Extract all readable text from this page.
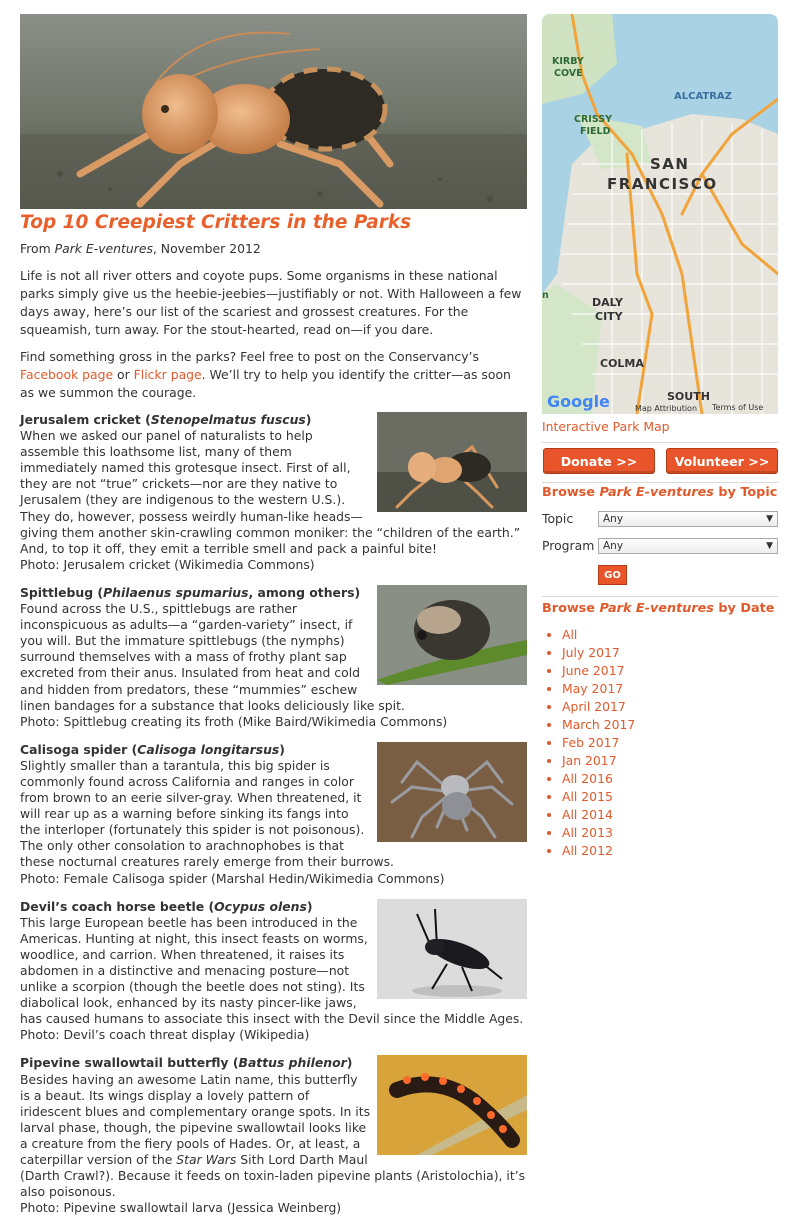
Top 10 Creepiest Critters in the Parks
From Park E-ventures, November 2012

Life is not all river otters and coyote pups. Some organisms in these national parks simply give us the heebie-jeebies—justifiably or not. With Halloween a few days away, here’s our list of the scariest and grossest creatures. For the squeamish, turn away. For the stout-hearted, read on—if you dare.

Find something gross in the parks? Feel free to post on the Conservancy’s Facebook page or Flickr page. We’ll try to help you identify the critter—as soon as we summon the courage.

Jerusalem cricket (Stenopelmatus fuscus)
When we asked our panel of naturalists to help assemble this loathsome list, many of them immediately named this grotesque insect. First of all, they are not “true” crickets—nor are they native to Jerusalem (they are indigenous to the western U.S.). They do, however, possess weirdly human-like heads—giving them another skin-crawling common moniker: the “children of the earth.” And, to top it off, they emit a terrible smell and pack a painful bite!
Photo: Jerusalem cricket (Wikimedia Commons)
Spittlebug (Philaenus spumarius, among others)
Found across the U.S., spittlebugs are rather inconspicuous as adults—a “garden-variety” insect, if you will. But the immature spittlebugs (the nymphs) surround themselves with a mass of frothy plant sap excreted from their anus. Insulated from heat and cold and hidden from predators, these “mummies” eschew linen bandages for a substance that looks deliciously like spit.
Photo: Spittlebug creating its froth (Mike Baird/Wikimedia Commons)
Calisoga spider (Calisoga longitarsus)
Slightly smaller than a tarantula, this big spider is commonly found across California and ranges in color from brown to an eerie silver-gray. When threatened, it will rear up as a warning before sinking its fangs into the interloper (fortunately this spider is not poisonous). The only other consolation to arachnophobes is that these nocturnal creatures rarely emerge from their burrows.
Photo: Female Calisoga spider (Marshal Hedin/Wikimedia Commons)
Devil’s coach horse beetle (Ocypus olens)
This large European beetle has been introduced in the Americas. Hunting at night, this insect feasts on worms, woodlice, and carrion. When threatened, it raises its abdomen in a distinctive and menacing posture—not unlike a scorpion (though the beetle does not sting). Its diabolical look, enhanced by its nasty pincer-like jaws, has caused humans to associate this insect with the Devil since the Middle Ages.
Photo: Devil’s coach threat display (Wikipedia)
Pipevine swallowtail butterfly (Battus philenor)
Besides having an awesome Latin name, this butterfly is a beaut. Its wings display a lovely pattern of iridescent blues and complementary orange spots. In its larval phase, though, the pipevine swallowtail looks like a creature from the fiery pools of Hades. Or, at least, a caterpillar version of the Star Wars Sith Lord Darth Maul (Darth Crawl?). Because it feeds on toxin-laden pipevine plants (Aristolochia), it’s also poisonous.
Photo: Pipevine swallowtail larva (Jessica Weinberg)
KIRBY
COVE
CRISSY
FIELD
n
ALCATRAZ
SAN
FRANCISCO
DALY
CITY
COLMA
SOUTH
Google	Map Attribution Terms of Use
Interactive Park Map
Donate >>	Volunteer >>
Browse Park E-ventures by Topic
Topic	Any	▼
Program Any	▼
GO
Browse Park E-ventures by Date
• All
• July 2017
• June 2017
• May 2017
• April 2017
• March 2017
• Feb 2017
• Jan 2017
• All 2016
• All 2015
• All 2014
• All 2013
• All 2012
